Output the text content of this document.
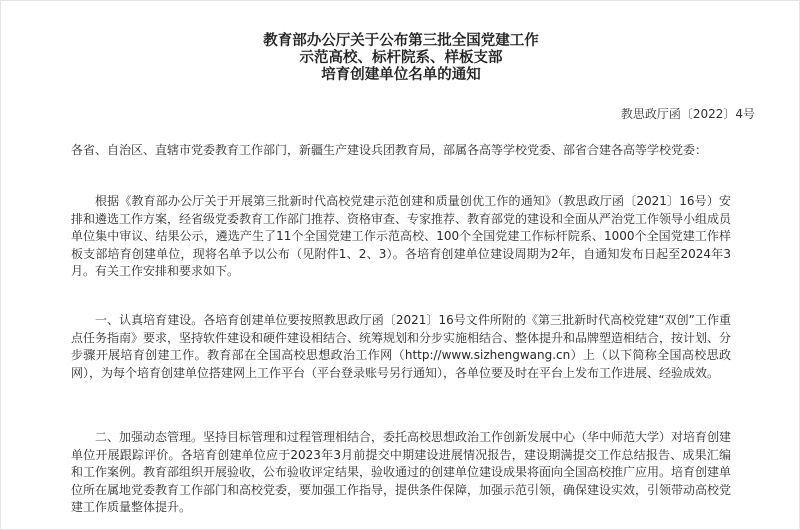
教育部办公厅关于公布第三批全国党建工作
示范高校、标杆院系、样板支部
培育创建单位名单的通知
教思政厅函〔2022〕4号
各省、自治区、直辖市党委教育工作部门，新疆生产建设兵团教育局，部属各高等学校党委、部省合建各高等学校党委：
根据《教育部办公厅关于开展第三批新时代高校党建示范创建和质量创优工作的通知》（教思政厅函〔2021〕16号）安排和遴选工作方案，经省级党委教育工作部门推荐、资格审查、专家推荐、教育部党的建设和全面从严治党工作领导小组成员单位集中审议、结果公示，遴选产生了11个全国党建工作示范高校、100个全国党建工作标杆院系、1000个全国党建工作样板支部培育创建单位，现将名单予以公布（见附件1、2、3）。各培育创建单位建设周期为2年，自通知发布日起至2024年3月。有关工作安排和要求如下。
一、认真培育建设。各培育创建单位要按照教思政厅函〔2021〕16号文件所附的《第三批新时代高校党建“双创”工作重点任务指南》要求，坚持软件建设和硬件建设相结合、统筹规划和分步实施相结合、整体提升和品牌塑造相结合，按计划、分步骤开展培育创建工作。教育部在全国高校思想政治工作网（http://www.sizhengwang.cn）上（以下简称全国高校思政网），为每个培育创建单位搭建网上工作平台（平台登录账号另行通知），各单位要及时在平台上发布工作进展、经验成效。
二、加强动态管理。坚持目标管理和过程管理相结合，委托高校思想政治工作创新发展中心（华中师范大学）对培育创建单位开展跟踪评价。各培育创建单位应于2023年3月前提交中期建设进展情况报告，建设期满提交工作总结报告、成果汇编和工作案例。教育部组织开展验收，公布验收评定结果，验收通过的创建单位建设成果将面向全国高校推广应用。培育创建单位所在属地党委教育工作部门和高校党委，要加强工作指导，提供条件保障，加强示范引领，确保建设实效，引领带动高校党建工作质量整体提升。
